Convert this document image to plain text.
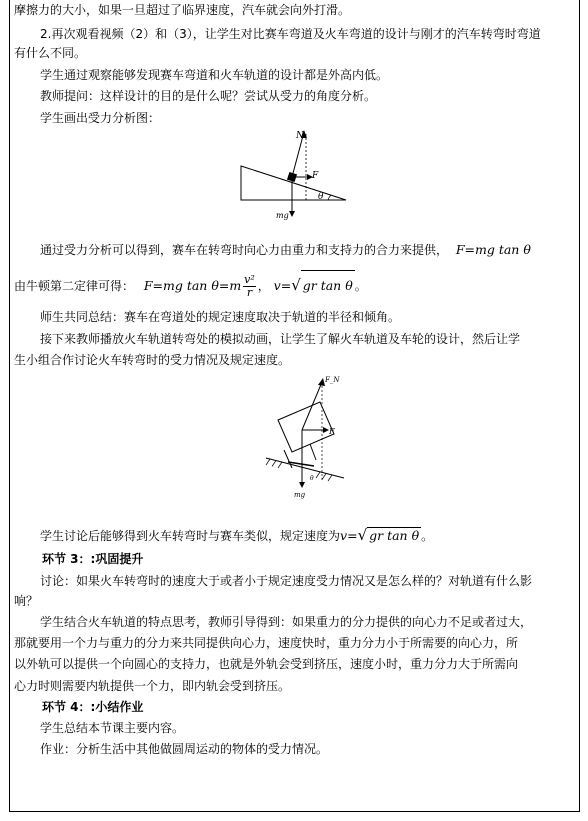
摩擦力的大小，如果一旦超过了临界速度，汽车就会向外打滑。
2.再次观看视频（2）和（3），让学生对比赛车弯道及火车弯道的设计与刚才的汽车转弯时弯道
有什么不同。
学生通过观察能够发现赛车弯道和火车轨道的设计都是外高内低。
教师提问：这样设计的目的是什么呢？尝试从受力的角度分析。
学生画出受力分析图：
N
F
θ
mg
通过受力分析可以得到，赛车在转弯时向心力由重力和支持力的合力来提供， F=mg tan θ
由牛顿第二定律可得： F=mg $\tan \theta=m \frac{\text{v²}}{r}$ ， v=√ gr tan θ 。
师生共同总结：赛车在弯道处的规定速度取决于轨道的半径和倾角。
接下来教师播放火车轨道转弯处的模拟动画，让学生了解火车轨道及车轮的设计，然后让学
生小组合作讨论火车转弯时的受力情况及规定速度。
F_N
F
mg
θ
学生讨论后能够得到火车转弯时与赛车类似，规定速度为v=√ gr tan θ 。
环节 3：:巩固提升
讨论：如果火车转弯时的速度大于或者小于规定速度受力情况又是怎么样的？对轨道有什么影
响？
学生结合火车轨道的特点思考，教师引导得到：如果重力的分力提供的向心力不足或者过大，
那就要用一个力与重力的分力来共同提供向心力，速度快时，重力分力小于所需要的向心力，所
以外轨可以提供一个向圆心的支持力，也就是外轨会受到挤压，速度小时，重力分力大于所需向
心力时则需要内轨提供一个力，即内轨会受到挤压。
环节 4：:小结作业
学生总结本节课主要内容。
作业：分析生活中其他做圆周运动的物体的受力情况。
